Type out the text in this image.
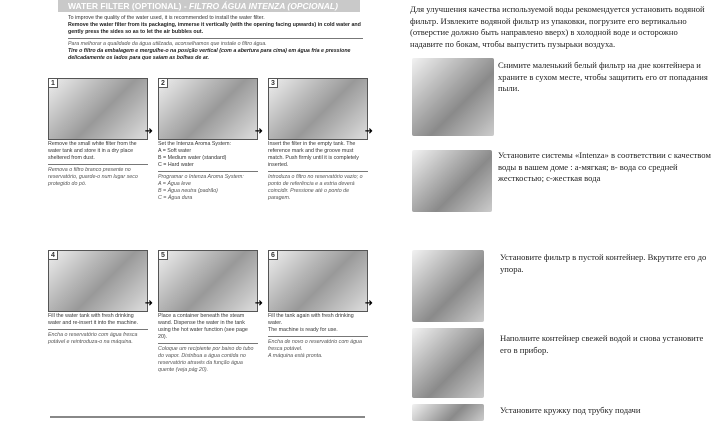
WATER FILTER (OPTIONAL) - FILTRO ÁGUA INTENZA (OPCIONAL)
To improve the quality of the water used, it is recommended to install the water filter.
Remove the water filter from its packaging, immerse it vertically (with the opening facing upwards) in cold water and gently press the sides so as to let the air bubbles out.
Para melhorar a qualidade da água utilizada, aconselhamos que instale o filtro água.
Tire o filtro da embalagem e mergulhe-o na posição vertical (com a abertura para cima) em água fria e pressione delicadamente os lados para que saiam as bolhas de ar.
1
➜
Remove the small white filter from the water tank and store it in a dry place sheltered from dust.
Remova o filtro branco presente no reservatório, guarde-o num lugar seco protegido do pó.
2
➜
Set the Intenza Aroma System:
A = Soft water
B = Medium water (standard)
C = Hard water
Programar o Intenza Aroma System:
A = Água leve
B = Água neutra (padrão)
C = Água dura
3
➜
Insert the filter in the empty tank. The reference mark and the groove must match. Push firmly until it is completely inserted.
Introduza o filtro no reservatório vazio; o ponto de referência e a estria deverá coincidir. Pressione até o ponto de paragem.
4
➜
Fill the water tank with fresh drinking water and re-insert it into the machine.
Encha o reservatório com água fresca potável e reintroduza-o na máquina.
5
➜
Place a container beneath the steam wand. Dispense the water in the tank using the hot water function (see page 20).
Coloque um recipiente por baixo do tubo do vapor. Distribua a água contida no reservatório através da função água quente (veja pág 20).
6
➜
Fill the tank again with fresh drinking water.
The machine is ready for use.
Encha de novo o reservatório com água fresca potável.
A máquina está pronta.
Для улучшения качества используемой воды рекомендуется установить водяной фильтр. Извлеките водяной фильтр из упаковки, погрузите его вертикально (отверстие должно быть направлено вверх) в холодной воде и осторожно надавите по бокам, чтобы выпустить пузырьки воздуха.
Снимите маленький белый фильтр на дне контейнера и храните в сухом месте, чтобы защитить его от попадания пыли.
Установите системы «Intenza» в соответствии с качеством воды в вашем доме : а-мягкая; в- вода со средней жесткостью; с-жесткая вода
Установите фильтр в пустой контейнер. Вкрутите его до упора.
Наполните контейнер свежей водой и снова установите его в прибор.
Установите кружку под трубку подачи
